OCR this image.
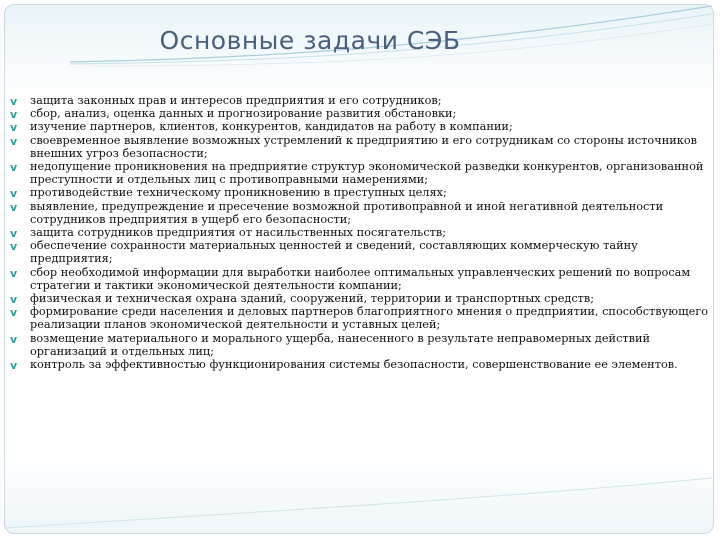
Основные задачи СЭБ
v защита законных прав и интересов предприятия и его сотрудников;
v сбор, анализ, оценка данных и прогнозирование развития обстановки;
v изучение партнеров, клиентов, конкурентов, кандидатов на работу в компании;
v своевременное выявление возможных устремлений к предприятию и его сотрудникам со стороны источников внешних угроз безопасности;
v недопущение проникновения на предприятие структур экономической разведки конкурентов, организованной преступности и отдельных лиц с противоправными намерениями;
v противодействие техническому проникновению в преступных целях;
v выявление, предупреждение и пресечение возможной противоправной и иной негативной деятельности сотрудников предприятия в ущерб его безопасности;
v защита сотрудников предприятия от насильственных посягательств;
v обеспечение сохранности материальных ценностей и сведений, составляющих коммерческую тайну предприятия;
v сбор необходимой информации для выработки наиболее оптимальных управленческих решений по вопросам стратегии и тактики экономической деятельности компании;
v физическая и техническая охрана зданий, сооружений, территории и транспортных средств;
v формирование среди населения и деловых партнеров благоприятного мнения о предприятии, способствующего реализации планов экономической деятельности и уставных целей;
v возмещение материального и морального ущерба, нанесенного в результате неправомерных действий организаций и отдельных лиц;
v контроль за эффективностью функционирования системы безопасности, совершенствование ее элементов.
